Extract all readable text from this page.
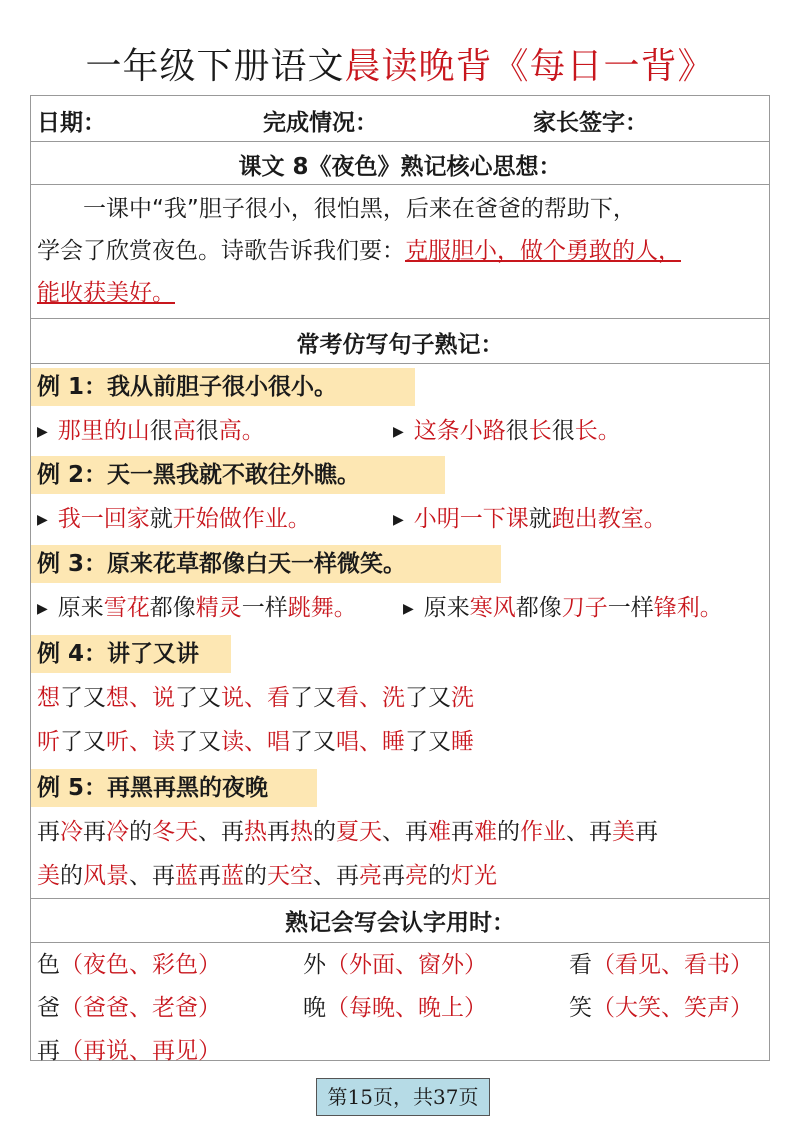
一年级下册语文晨读晚背《每日一背》
日期：	完成情况：	家长签字：
课文 8《夜色》熟记核心思想：

一课中“我”胆子很小，很怕黑，后来在爸爸的帮助下，

学会了欣赏夜色。诗歌告诉我们要：克服胆小，做个勇敢的人，

能收获美好。

常考仿写句子熟记：
例 1：我从前胆子很小很小。
▶ 那里的山很高很高。	▶ 这条小路很长很长。
例 2：天一黑我就不敢往外瞧。
▶ 我一回家就开始做作业。	▶ 小明一下课就跑出教室。
例 3：原来花草都像白天一样微笑。
▶ 原来雪花都像精灵一样跳舞。	▶ 原来寒风都像刀子一样锋利。
例 4：讲了又讲
想了又想、说了又说、看了又看、洗了又洗
听了又听、读了又读、唱了又唱、睡了又睡
例 5：再黑再黑的夜晚
再冷再冷的冬天、再热再热的夏天、再难再难的作业、再美再
美的风景、再蓝再蓝的天空、再亮再亮的灯光
熟记会写会认字用时：
色（夜色、彩色）	外（外面、窗外）	看（看见、看书）
爸（爸爸、老爸）	晚（每晚、晚上）	笑（大笑、笑声）
再（再说、再见）
第15页，共37页
